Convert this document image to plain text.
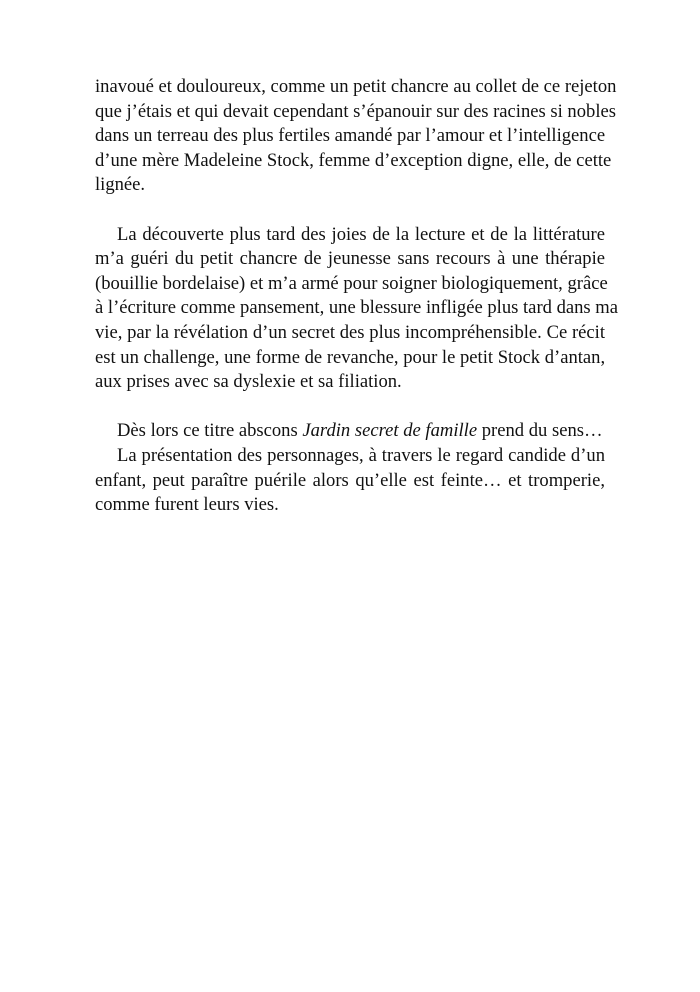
inavoué et douloureux, comme un petit chancre au collet de ce rejeton
que j’étais et qui devait cependant s’épanouir sur des racines si nobles
dans un terreau des plus fertiles amandé par l’amour et l’intelligence
d’une mère Madeleine Stock, femme d’exception digne, elle, de cette
lignée.

La découverte plus tard des joies de la lecture et de la littérature
m’a guéri du petit chancre de jeunesse sans recours à une thérapie
(bouillie bordelaise) et m’a armé pour soigner biologiquement, grâce
à l’écriture comme pansement, une blessure infligée plus tard dans ma
vie, par la révélation d’un secret des plus incompréhensible. Ce récit
est un challenge, une forme de revanche, pour le petit Stock d’antan,
aux prises avec sa dyslexie et sa filiation.

Dès lors ce titre abscons Jardin secret de famille prend du sens…

La présentation des personnages, à travers le regard candide d’un
enfant, peut paraître puérile alors qu’elle est feinte… et tromperie,
comme furent leurs vies.
